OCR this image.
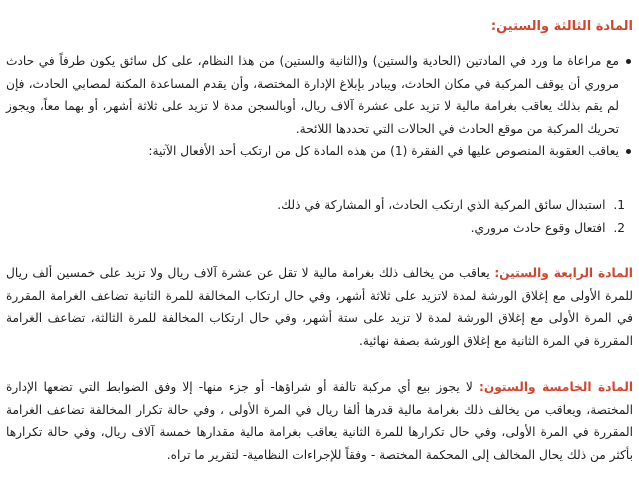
المادة الثالثة والستين:

مع مراعاة ما ورد في المادتين (الحادية والستين) و(الثانية والستين) من هذا النظام، على كل سائق يكون طرفاً في حادث مروري أن يوقف المركبة في مكان الحادث، ويبادر بإبلاغ الإدارة المختصة، وأن يقدم المساعدة المكنة لمصابي الحادث، فإن لم يقم بذلك يعاقب بغرامة مالية لا تزيد على عشرة آلاف ريال، أوبالسجن مدة لا تزيد على ثلاثة أشهر، أو بهما معاً، ويجوز تحريك المركبة من موقع الحادث في الحالات التي تحددها اللائحة.
يعاقب العقوبة المنصوص عليها في الفقرة (1) من هذه المادة كل من ارتكب أحد الأفعال الآتية:
1. استبدال سائق المركبة الذي ارتكب الحادث، أو المشاركة في ذلك.
2. افتعال وقوع حادث مروري.

المادة الرابعة والستين: يعاقب من يخالف ذلك بغرامة مالية لا تقل عن عشرة آلاف ريال ولا تزيد على خمسين ألف ريال للمرة الأولى مع إغلاق الورشة لمدة لاتزيد على ثلاثة أشهر، وفي حال ارتكاب المخالفة للمرة الثانية تضاعف الغرامة المقررة في المرة الأولى مع إغلاق الورشة لمدة لا تزيد على ستة أشهر، وفي حال ارتكاب المخالفة للمرة الثالثة، تضاعف الغرامة المقررة في المرة الثانية مع إغلاق الورشة بصفة نهائية.

المادة الخامسة والستون: لا يجوز بيع أي مركبة تالفة أو شراؤها- أو جزء منها- إلا وفق الضوابط التي تضعها الإدارة المختصة، ويعاقب من يخالف ذلك بغرامة مالية قدرها ألفا ريال في المرة الأولى ، وفي حالة تكرار المخالفة تضاعف الغرامة المقررة في المرة الأولى، وفي حال تكرارها للمرة الثانية يعاقب بغرامة مالية مقدارها خمسة آلاف ريال، وفي حالة تكرارها بأكثر من ذلك يحال المخالف إلى المحكمة المختصة - وفقاً للإجراءات النظامية- لتقرير ما تراه.
